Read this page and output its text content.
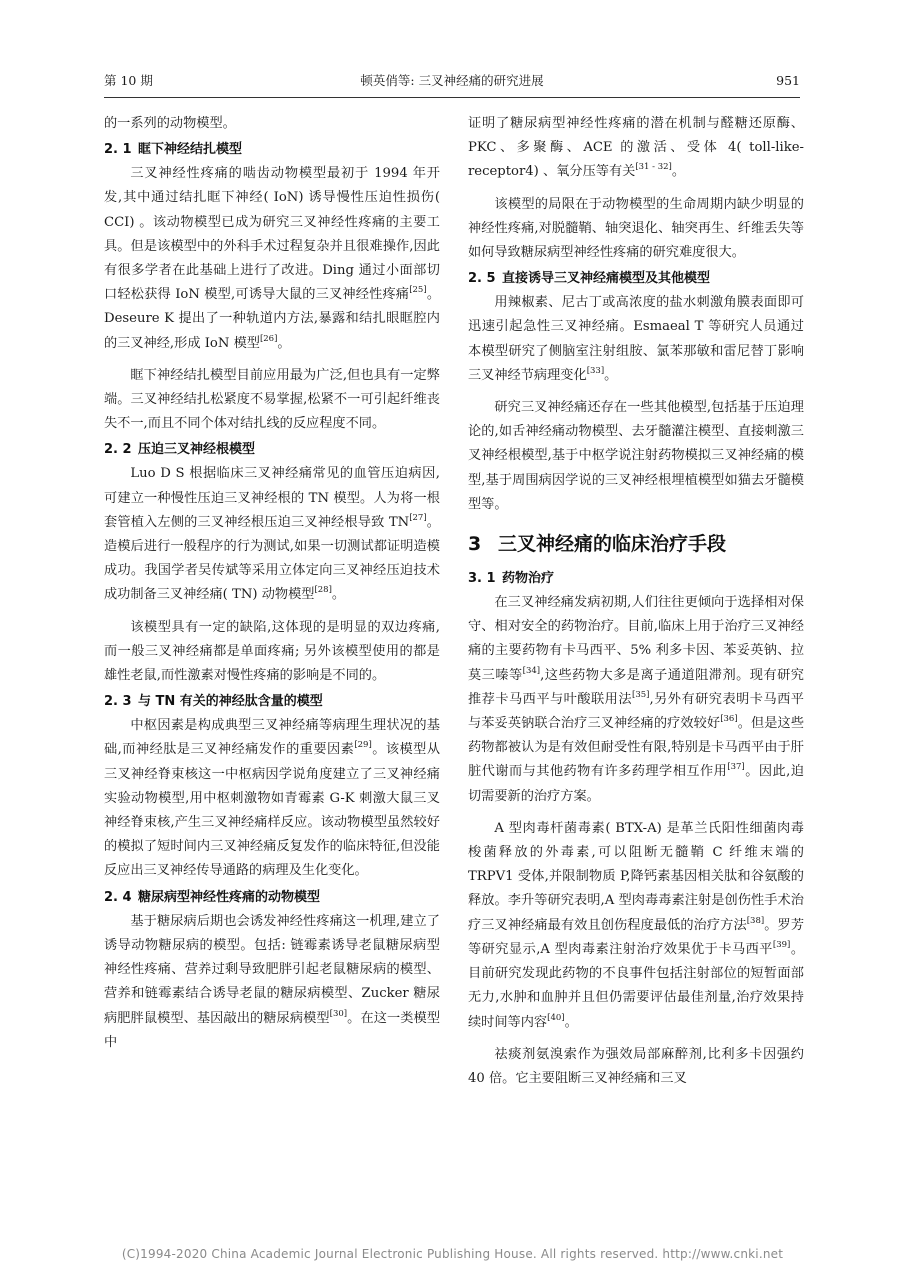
第 10 期	顿英俏等: 三叉神经痛的研究进展	951

的一系列的动物模型。

2. 1 眶下神经结扎模型

三叉神经性疼痛的啮齿动物模型最初于 1994 年开发,其中通过结扎眶下神经( IoN) 诱导慢性压迫性损伤( CCI) 。该动物模型已成为研究三叉神经性疼痛的主要工具。但是该模型中的外科手术过程复杂并且很难操作,因此有很多学者在此基础上进行了改进。Ding 通过小面部切口轻松获得 IoN 模型,可诱导大鼠的三叉神经性疼痛[25]。Deseure K 提出了一种轨道内方法,暴露和结扎眼眶腔内的三叉神经,形成 IoN 模型[26]。

眶下神经结扎模型目前应用最为广泛,但也具有一定弊端。三叉神经结扎松紧度不易掌握,松紧不一可引起纤维丧失不一,而且不同个体对结扎线的反应程度不同。

2. 2 压迫三叉神经根模型

Luo D S 根据临床三叉神经痛常见的血管压迫病因,可建立一种慢性压迫三叉神经根的 TN 模型。人为将一根套管植入左侧的三叉神经根压迫三叉神经根导致 TN[27]。造模后进行一般程序的行为测试,如果一切测试都证明造模成功。我国学者吴传斌等采用立体定向三叉神经压迫技术成功制备三叉神经痛( TN) 动物模型[28]。

该模型具有一定的缺陷,这体现的是明显的双边疼痛,而一般三叉神经痛都是单面疼痛; 另外该模型使用的都是雄性老鼠,而性激素对慢性疼痛的影响是不同的。

2. 3 与 TN 有关的神经肽含量的模型

中枢因素是构成典型三叉神经痛等病理生理状况的基础,而神经肽是三叉神经痛发作的重要因素[29]。该模型从三叉神经脊束核这一中枢病因学说角度建立了三叉神经痛实验动物模型,用中枢刺激物如青霉素 G-K 刺激大鼠三叉神经脊束核,产生三叉神经痛样反应。该动物模型虽然较好的模拟了短时间内三叉神经痛反复发作的临床特征,但没能反应出三叉神经传导通路的病理及生化变化。

2. 4 糖尿病型神经性疼痛的动物模型

基于糖尿病后期也会诱发神经性疼痛这一机理,建立了诱导动物糖尿病的模型。包括: 链霉素诱导老鼠糖尿病型神经性疼痛、营养过剩导致肥胖引起老鼠糖尿病的模型、营养和链霉素结合诱导老鼠的糖尿病模型、Zucker 糖尿病肥胖鼠模型、基因敲出的糖尿病模型[30]。在这一类模型中

证明了糖尿病型神经性疼痛的潜在机制与醛糖还原酶、PKC、多聚酶、ACE 的激活、受体 4( toll-like-receptor4) 、氧分压等有关[31 - 32]。

该模型的局限在于动物模型的生命周期内缺少明显的神经性疼痛,对脱髓鞘、轴突退化、轴突再生、纤维丢失等如何导致糖尿病型神经性疼痛的研究难度很大。

2. 5 直接诱导三叉神经痛模型及其他模型

用辣椒素、尼古丁或高浓度的盐水刺激角膜表面即可迅速引起急性三叉神经痛。Esmaeal T 等研究人员通过本模型研究了侧脑室注射组胺、氯苯那敏和雷尼替丁影响三叉神经节病理变化[33]。

研究三叉神经痛还存在一些其他模型,包括基于压迫理论的,如舌神经痛动物模型、去牙髓灌注模型、直接刺激三叉神经根模型,基于中枢学说注射药物模拟三叉神经痛的模型,基于周围病因学说的三叉神经根埋植模型如猫去牙髓模型等。

3 三叉神经痛的临床治疗手段
3. 1 药物治疗

在三叉神经痛发病初期,人们往往更倾向于选择相对保守、相对安全的药物治疗。目前,临床上用于治疗三叉神经痛的主要药物有卡马西平、5% 利多卡因、苯妥英钠、拉莫三嗪等[34],这些药物大多是离子通道阻滞剂。现有研究推荐卡马西平与叶酸联用法[35],另外有研究表明卡马西平与苯妥英钠联合治疗三叉神经痛的疗效较好[36]。但是这些药物都被认为是有效但耐受性有限,特别是卡马西平由于肝脏代谢而与其他药物有许多药理学相互作用[37]。因此,迫切需要新的治疗方案。

A 型肉毒杆菌毒素( BTX-A) 是革兰氏阳性细菌肉毒梭菌释放的外毒素,可以阻断无髓鞘 C 纤维末端的 TRPV1 受体,并限制物质 P,降钙素基因相关肽和谷氨酸的释放。李升等研究表明,A 型肉毒毒素注射是创伤性手术治疗三叉神经痛最有效且创伤程度最低的治疗方法[38]。罗芳等研究显示,A 型肉毒素注射治疗效果优于卡马西平[39]。目前研究发现此药物的不良事件包括注射部位的短暂面部无力,水肿和血肿并且但仍需要评估最佳剂量,治疗效果持续时间等内容[40]。

祛痰剂氨溴索作为强效局部麻醉剂,比利多卡因强约 40 倍。它主要阻断三叉神经痛和三叉

(C)1994-2020 China Academic Journal Electronic Publishing House. All rights reserved. http://www.cnki.net
